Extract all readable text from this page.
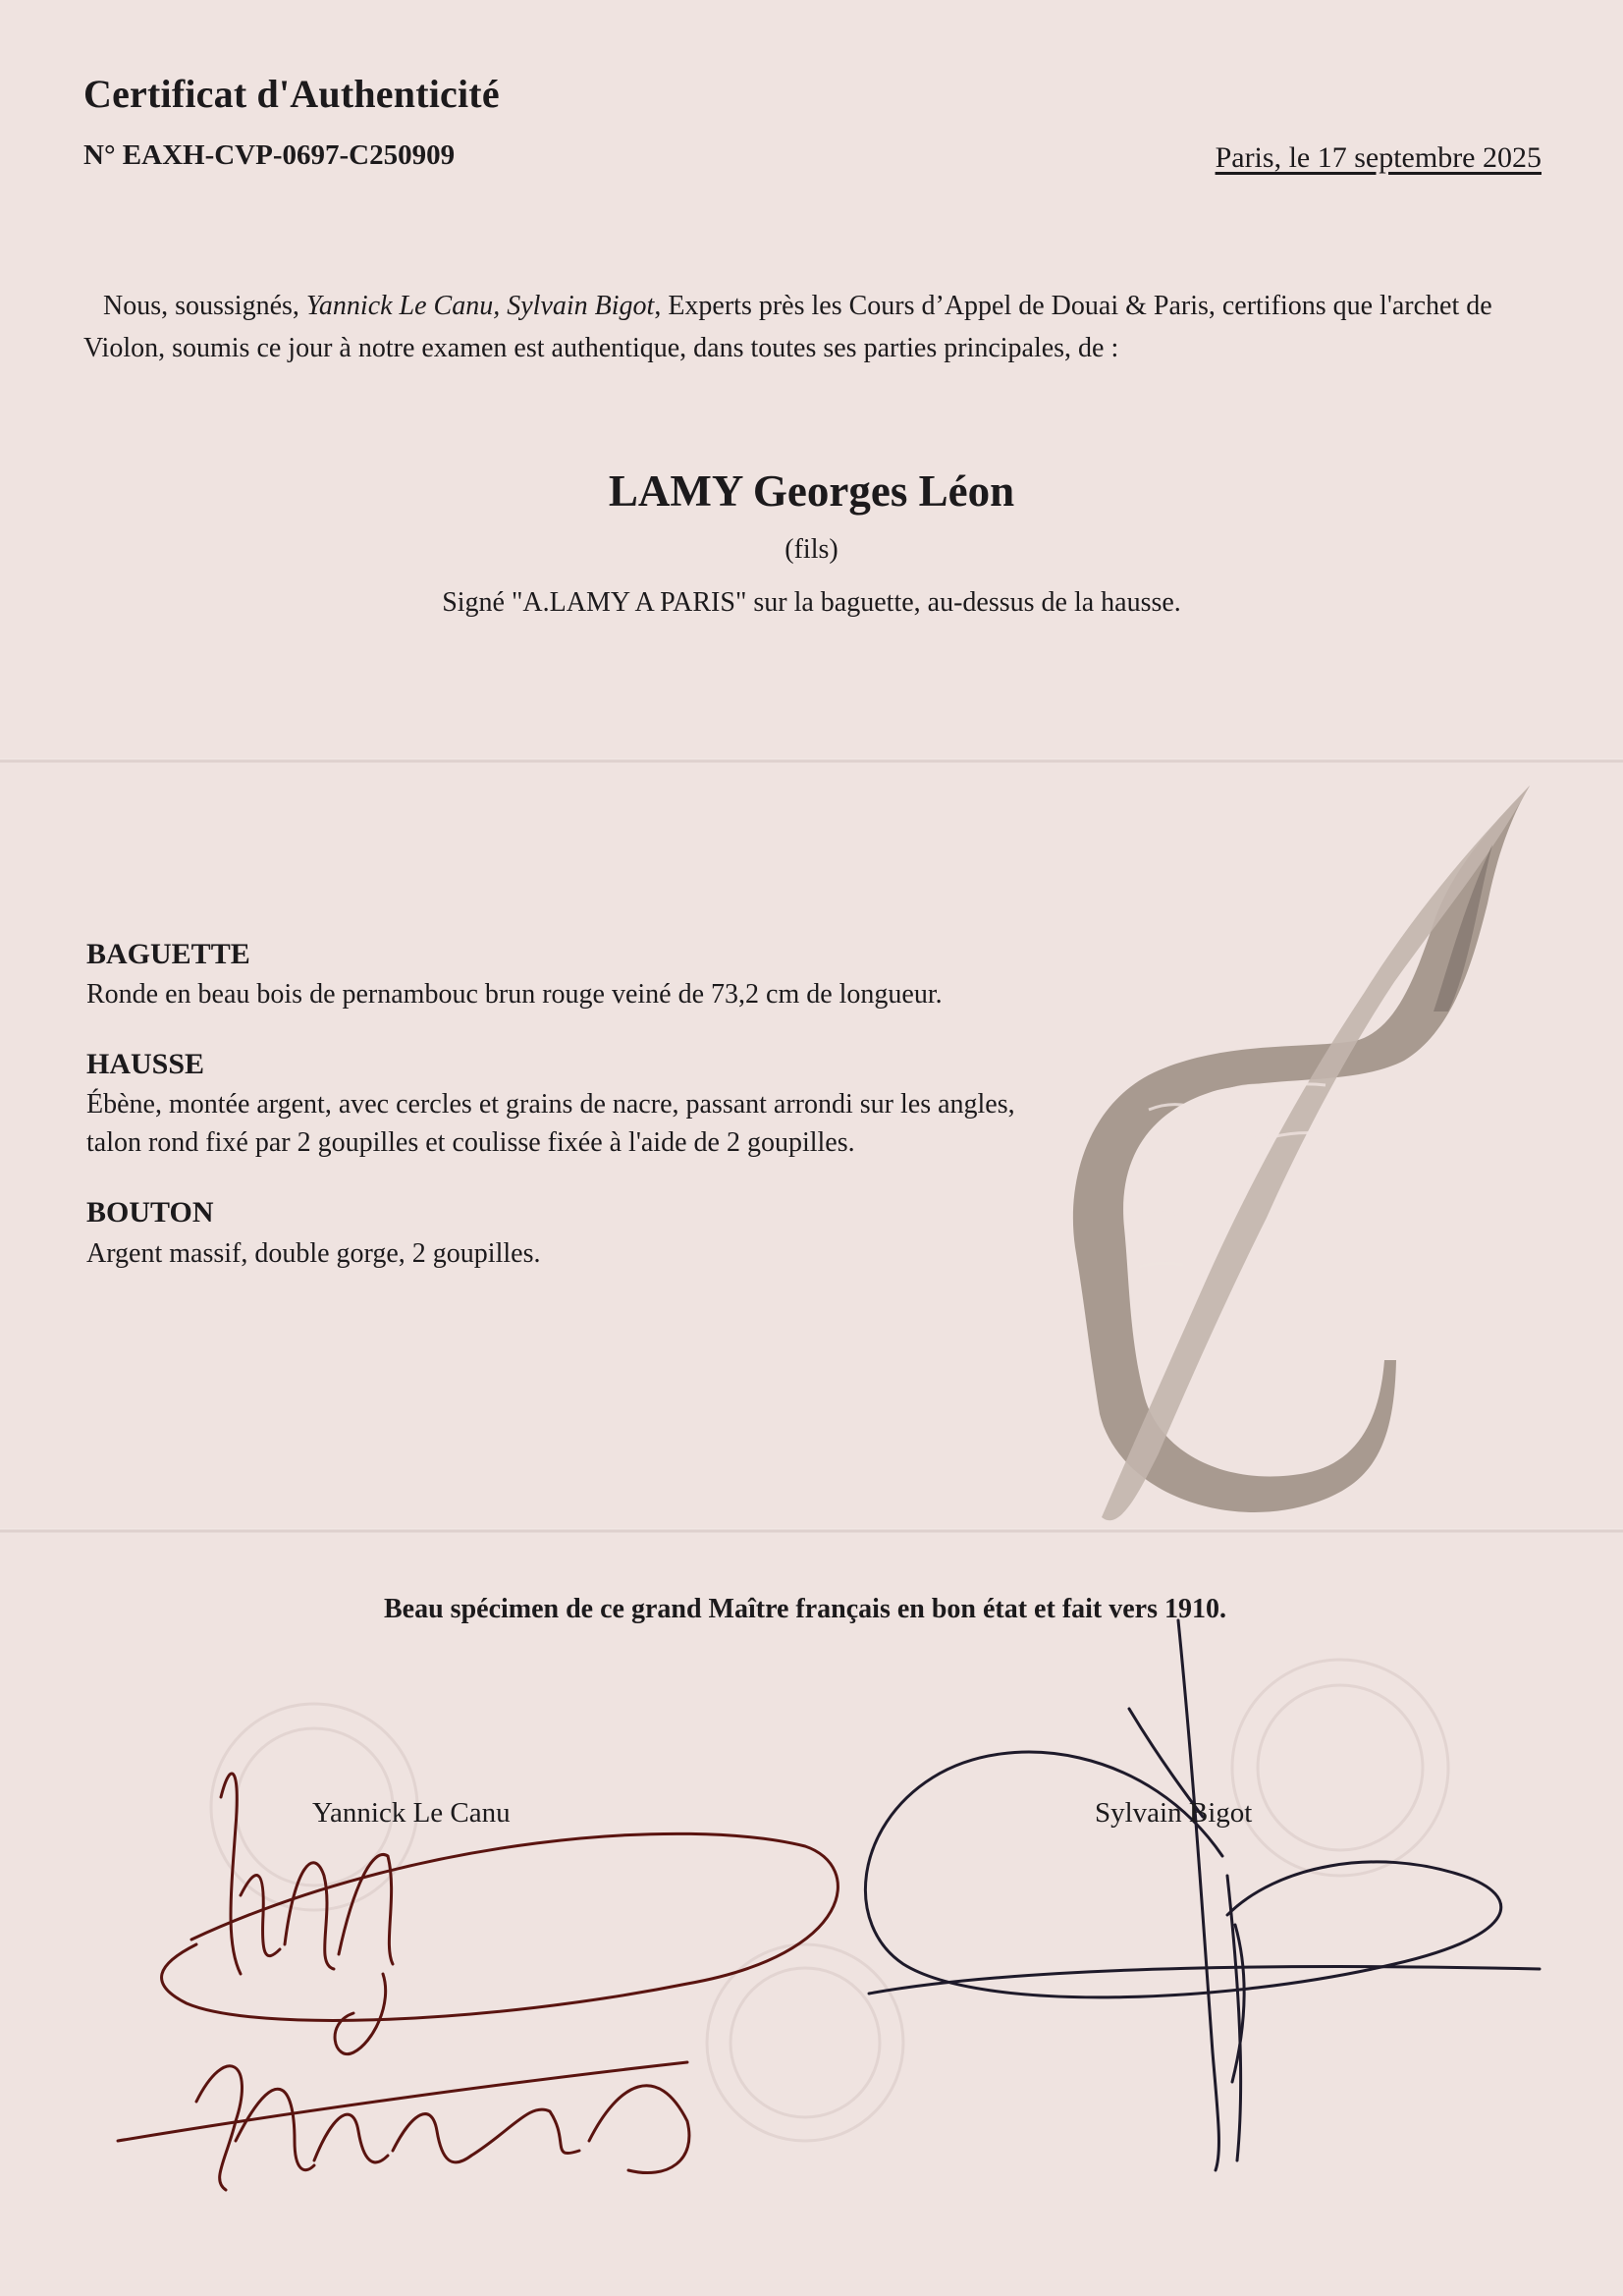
Certificat d'Authenticité
N° EAXH-CVP-0697-C250909	Paris, le 17 septembre 2025
Nous, soussignés, Yannick Le Canu, Sylvain Bigot, Experts près les Cours d’Appel de Douai & Paris, certifions que l'archet de Violon, soumis ce jour à notre examen est authentique, dans toutes ses parties principales, de :
LAMY Georges Léon
(fils)
Signé "A.LAMY A PARIS" sur la baguette, au-dessus de la hausse.
BAGUETTE
Ronde en beau bois de pernambouc brun rouge veiné de 73,2 cm de longueur.
HAUSSE
Ébène, montée argent, avec cercles et grains de nacre, passant arrondi sur les angles, talon rond fixé par 2 goupilles et coulisse fixée à l'aide de 2 goupilles.
BOUTON
Argent massif, double gorge, 2 goupilles.
Beau spécimen de ce grand Maître français en bon état et fait vers 1910.
Yannick Le Canu	Sylvain Bigot
